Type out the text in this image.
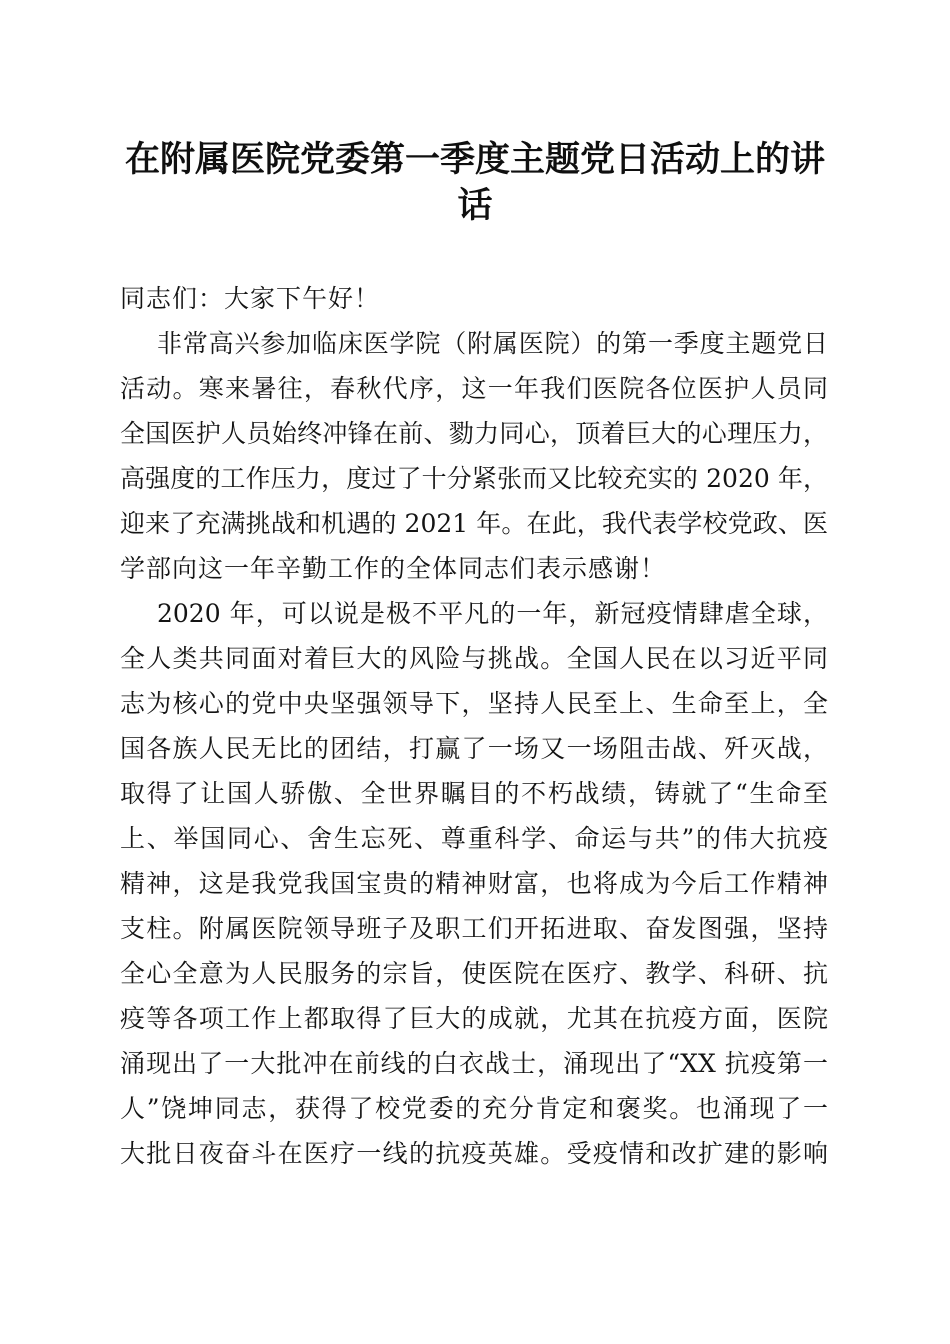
在附属医院党委第一季度主题党日活动上的讲
话
同志们：大家下午好！
非常高兴参加临床医学院（附属医院）的第一季度主题党日
活动。寒来暑往，春秋代序，这一年我们医院各位医护人员同
全国医护人员始终冲锋在前、勠力同心，顶着巨大的心理压力，
高强度的工作压力，度过了十分紧张而又比较充实的 2020 年，
迎来了充满挑战和机遇的 2021 年。在此，我代表学校党政、医
学部向这一年辛勤工作的全体同志们表示感谢！
2020 年，可以说是极不平凡的一年，新冠疫情肆虐全球，
全人类共同面对着巨大的风险与挑战。全国人民在以习近平同
志为核心的党中央坚强领导下，坚持人民至上、生命至上，全
国各族人民无比的团结，打赢了一场又一场阻击战、歼灭战，
取得了让国人骄傲、全世界瞩目的不朽战绩，铸就了“生命至
上、举国同心、舍生忘死、尊重科学、命运与共”的伟大抗疫
精神，这是我党我国宝贵的精神财富，也将成为今后工作精神
支柱。附属医院领导班子及职工们开拓进取、奋发图强，坚持
全心全意为人民服务的宗旨，使医院在医疗、教学、科研、抗
疫等各项工作上都取得了巨大的成就，尤其在抗疫方面，医院
涌现出了一大批冲在前线的白衣战士，涌现出了“XX 抗疫第一
人”饶坤同志，获得了校党委的充分肯定和褒奖。也涌现了一
大批日夜奋斗在医疗一线的抗疫英雄。受疫情和改扩建的影响
